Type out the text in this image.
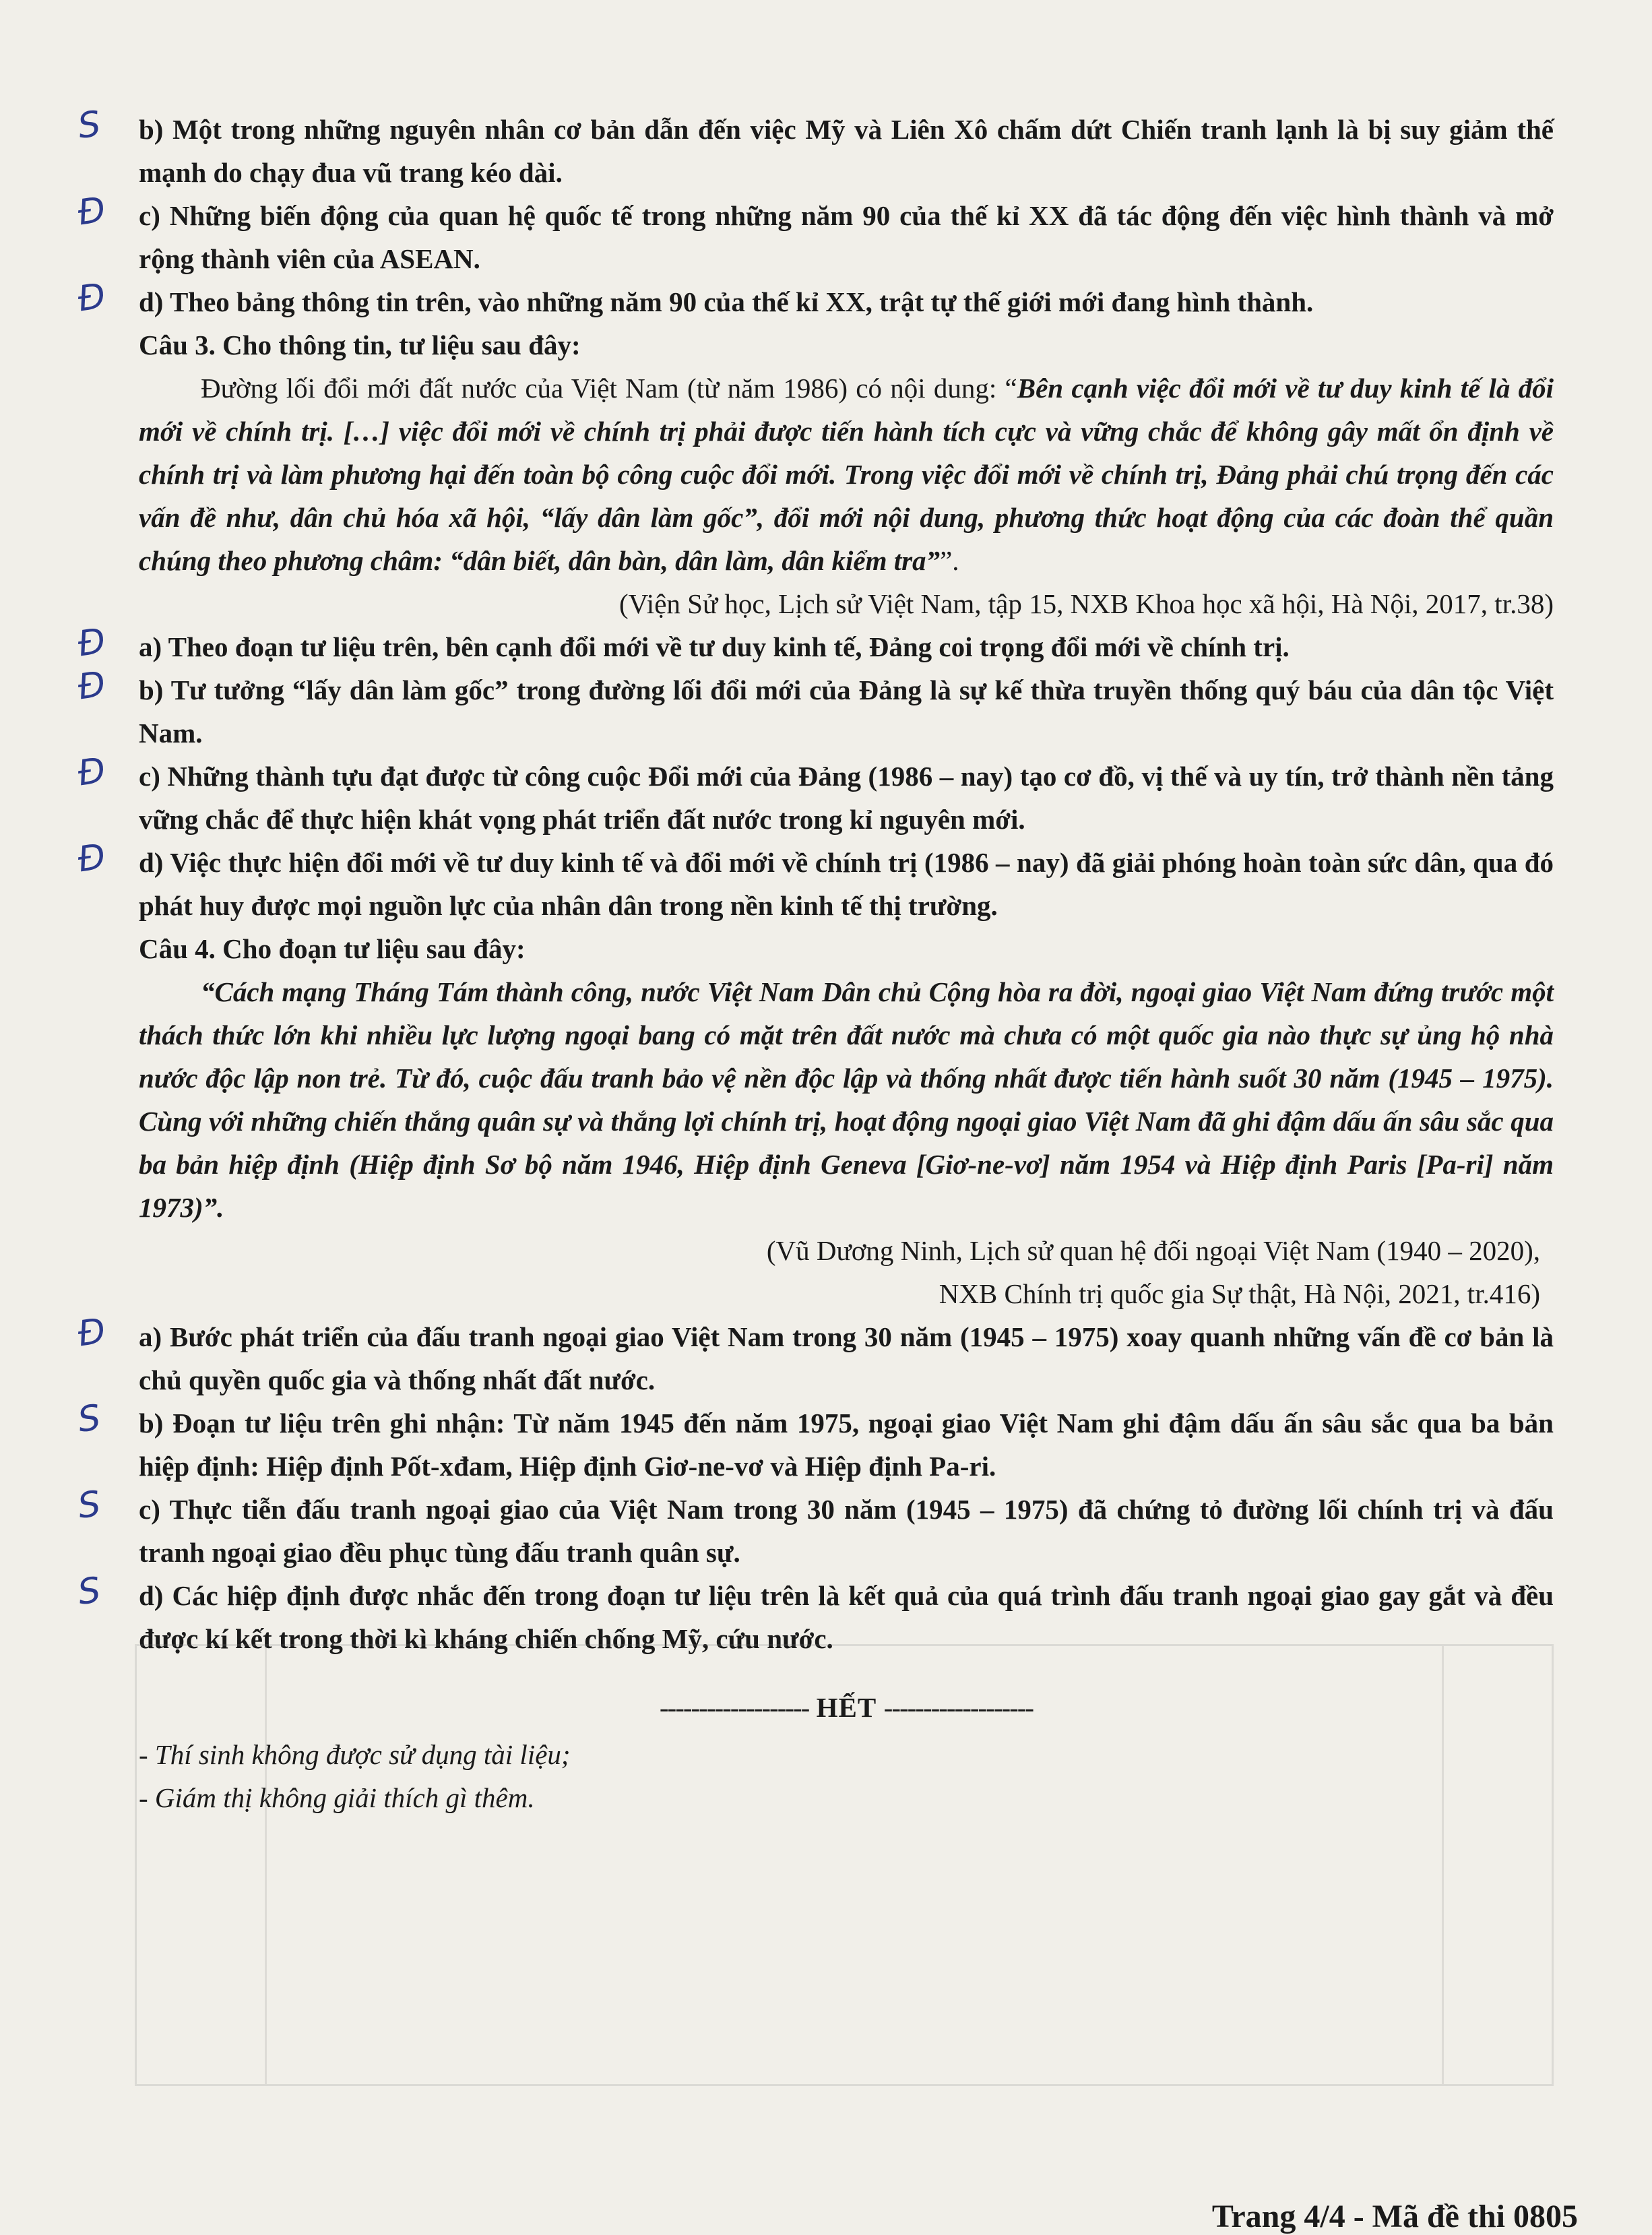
S b) Một trong những nguyên nhân cơ bản dẫn đến việc Mỹ và Liên Xô chấm dứt Chiến tranh lạnh là bị suy giảm thế mạnh do chạy đua vũ trang kéo dài.

Đ c) Những biến động của quan hệ quốc tế trong những năm 90 của thế kỉ XX đã tác động đến việc hình thành và mở rộng thành viên của ASEAN.

Đ d) Theo bảng thông tin trên, vào những năm 90 của thế kỉ XX, trật tự thế giới mới đang hình thành.

Câu 3. Cho thông tin, tư liệu sau đây:

Đường lối đổi mới đất nước của Việt Nam (từ năm 1986) có nội dung: “Bên cạnh việc đổi mới về tư duy kinh tế là đổi mới về chính trị. […] việc đổi mới về chính trị phải được tiến hành tích cực và vững chắc để không gây mất ổn định về chính trị và làm phương hại đến toàn bộ công cuộc đổi mới. Trong việc đổi mới về chính trị, Đảng phải chú trọng đến các vấn đề như, dân chủ hóa xã hội, “lấy dân làm gốc”, đổi mới nội dung, phương thức hoạt động của các đoàn thể quần chúng theo phương châm: “dân biết, dân bàn, dân làm, dân kiểm tra””.

(Viện Sử học, Lịch sử Việt Nam, tập 15, NXB Khoa học xã hội, Hà Nội, 2017, tr.38)

Đ a) Theo đoạn tư liệu trên, bên cạnh đổi mới về tư duy kinh tế, Đảng coi trọng đổi mới về chính trị.

Đ b) Tư tưởng “lấy dân làm gốc” trong đường lối đổi mới của Đảng là sự kế thừa truyền thống quý báu của dân tộc Việt Nam.

Đ c) Những thành tựu đạt được từ công cuộc Đổi mới của Đảng (1986 – nay) tạo cơ đồ, vị thế và uy tín, trở thành nền tảng vững chắc để thực hiện khát vọng phát triển đất nước trong kỉ nguyên mới.

Đ d) Việc thực hiện đổi mới về tư duy kinh tế và đổi mới về chính trị (1986 – nay) đã giải phóng hoàn toàn sức dân, qua đó phát huy được mọi nguồn lực của nhân dân trong nền kinh tế thị trường.

Câu 4. Cho đoạn tư liệu sau đây:

“Cách mạng Tháng Tám thành công, nước Việt Nam Dân chủ Cộng hòa ra đời, ngoại giao Việt Nam đứng trước một thách thức lớn khi nhiều lực lượng ngoại bang có mặt trên đất nước mà chưa có một quốc gia nào thực sự ủng hộ nhà nước độc lập non trẻ. Từ đó, cuộc đấu tranh bảo vệ nền độc lập và thống nhất được tiến hành suốt 30 năm (1945 – 1975). Cùng với những chiến thắng quân sự và thắng lợi chính trị, hoạt động ngoại giao Việt Nam đã ghi đậm dấu ấn sâu sắc qua ba bản hiệp định (Hiệp định Sơ bộ năm 1946, Hiệp định Geneva [Giơ-ne-vơ] năm 1954 và Hiệp định Paris [Pa-ri] năm 1973)”.

(Vũ Dương Ninh, Lịch sử quan hệ đối ngoại Việt Nam (1940 – 2020),

NXB Chính trị quốc gia Sự thật, Hà Nội, 2021, tr.416)

Đ a) Bước phát triển của đấu tranh ngoại giao Việt Nam trong 30 năm (1945 – 1975) xoay quanh những vấn đề cơ bản là chủ quyền quốc gia và thống nhất đất nước.

S b) Đoạn tư liệu trên ghi nhận: Từ năm 1945 đến năm 1975, ngoại giao Việt Nam ghi đậm dấu ấn sâu sắc qua ba bản hiệp định: Hiệp định Pốt-xđam, Hiệp định Giơ-ne-vơ và Hiệp định Pa-ri.

S c) Thực tiễn đấu tranh ngoại giao của Việt Nam trong 30 năm (1945 – 1975) đã chứng tỏ đường lối chính trị và đấu tranh ngoại giao đều phục tùng đấu tranh quân sự.

S d) Các hiệp định được nhắc đến trong đoạn tư liệu trên là kết quả của quá trình đấu tranh ngoại giao gay gắt và đều được kí kết trong thời kì kháng chiến chống Mỹ, cứu nước.

------------------- HẾT -------------------

- Thí sinh không được sử dụng tài liệu;

- Giám thị không giải thích gì thêm.

Trang 4/4 - Mã đề thi 0805
